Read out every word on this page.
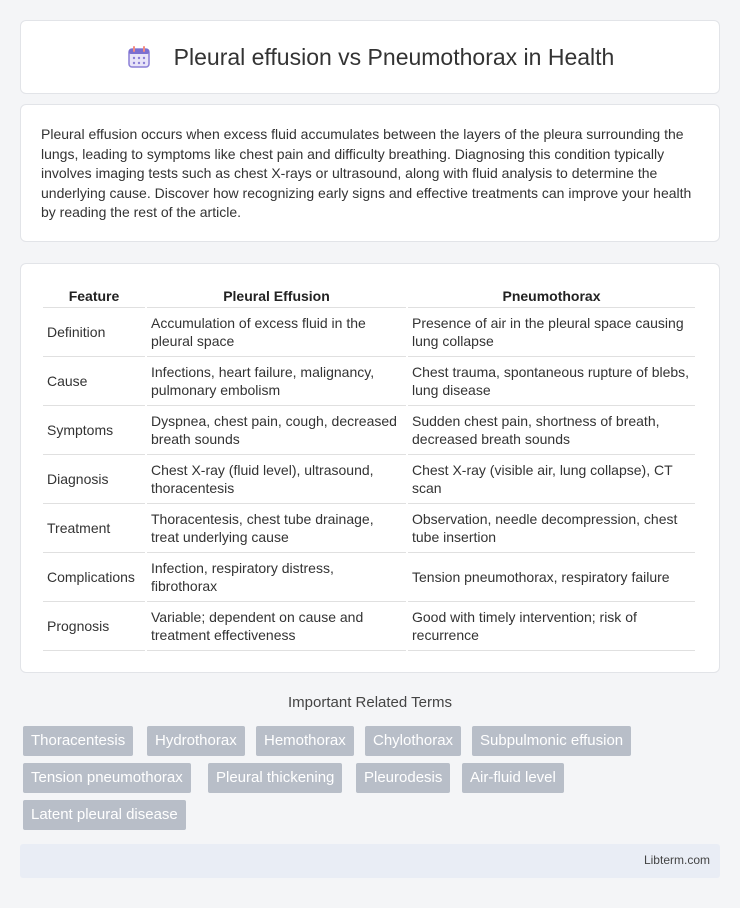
Pleural effusion vs Pneumothorax in Health

Pleural effusion occurs when excess fluid accumulates between the layers of the pleura surrounding the lungs, leading to symptoms like chest pain and difficulty breathing. Diagnosing this condition typically involves imaging tests such as chest X-rays or ultrasound, along with fluid analysis to determine the underlying cause. Discover how recognizing early signs and effective treatments can improve your health by reading the rest of the article.

Feature	Pleural Effusion	Pneumothorax
Definition	Accumulation of excess fluid in the pleural space	Presence of air in the pleural space causing lung collapse
Cause	Infections, heart failure, malignancy, pulmonary embolism	Chest trauma, spontaneous rupture of blebs, lung disease
Symptoms	Dyspnea, chest pain, cough, decreased breath sounds	Sudden chest pain, shortness of breath, decreased breath sounds
Diagnosis	Chest X-ray (fluid level), ultrasound, thoracentesis	Chest X-ray (visible air, lung collapse), CT scan
Treatment	Thoracentesis, chest tube drainage, treat underlying cause	Observation, needle decompression, chest tube insertion
Complications	Infection, respiratory distress, fibrothorax	Tension pneumothorax, respiratory failure
Prognosis	Variable; dependent on cause and treatment effectiveness	Good with timely intervention; risk of recurrence
Important Related Terms
Thoracentesis	Hydrothorax	Hemothorax	Chylothorax	Subpulmonic effusion
Tension pneumothorax	Pleural thickening	Pleurodesis	Air-fluid level
Latent pleural disease
Libterm.com
